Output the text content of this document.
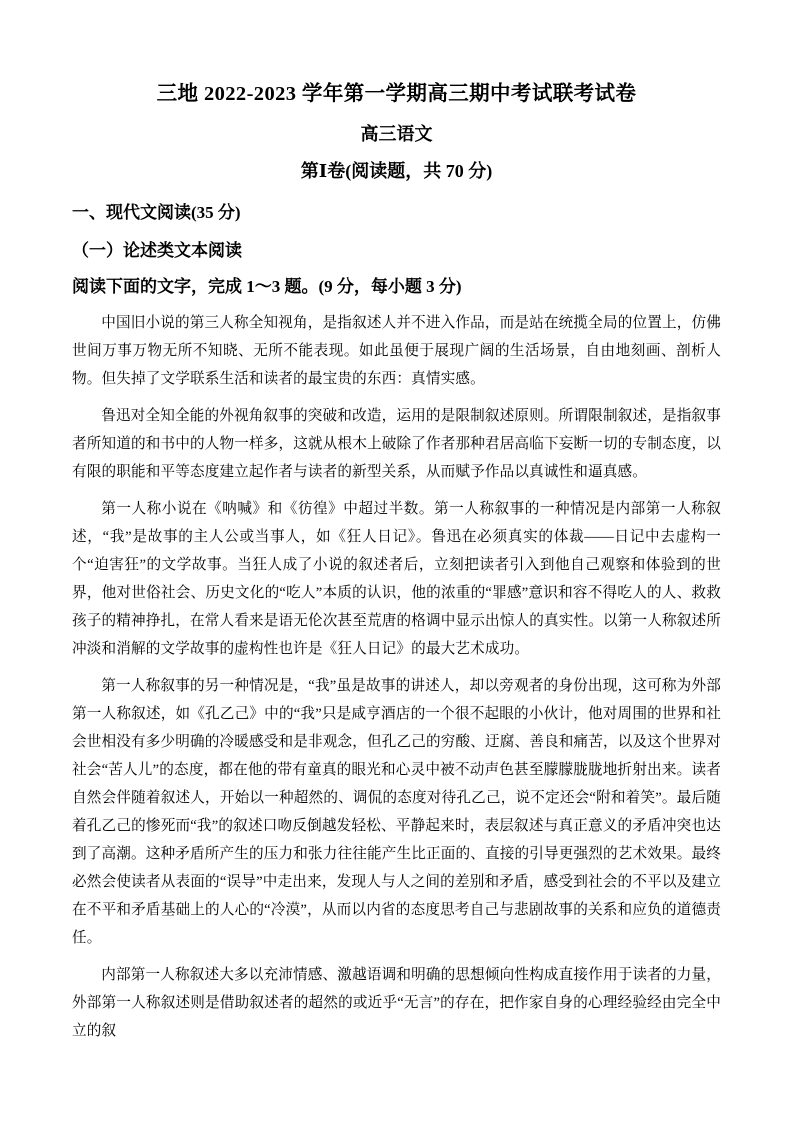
三地 2022-2023 学年第一学期高三期中考试联考试卷
高三语文
第Ⅰ卷(阅读题，共 70 分)
一、现代文阅读(35 分)
（一）论述类文本阅读
阅读下面的文字，完成 1～3 题。(9 分，每小题 3 分)

中国旧小说的第三人称全知视角，是指叙述人并不进入作品，而是站在统揽全局的位置上，仿佛世间万事万物无所不知晓、无所不能表现。如此虽便于展现广阔的生活场景，自由地刻画、剖析人物。但失掉了文学联系生活和读者的最宝贵的东西：真情实感。

鲁迅对全知全能的外视角叙事的突破和改造，运用的是限制叙述原则。所谓限制叙述，是指叙事者所知道的和书中的人物一样多，这就从根木上破除了作者那种君居高临下妄断一切的专制态度，以有限的职能和平等态度建立起作者与读者的新型关系，从而赋予作品以真诚性和逼真感。

第一人称小说在《呐喊》和《彷徨》中超过半数。第一人称叙事的一种情况是内部第一人称叙述，“我”是故事的主人公或当事人，如《狂人日记》。鲁迅在必须真实的体裁——日记中去虚构一个“迫害狂”的文学故事。当狂人成了小说的叙述者后，立刻把读者引入到他自己观察和体验到的世界，他对世俗社会、历史文化的“吃人”本质的认识，他的浓重的“罪感”意识和容不得吃人的人、救救孩子的精神挣扎，在常人看来是语无伦次甚至荒唐的格调中显示出惊人的真实性。以第一人称叙述所冲淡和消解的文学故事的虚构性也许是《狂人日记》的最大艺术成功。

第一人称叙事的另一种情况是，“我”虽是故事的讲述人，却以旁观者的身份出现，这可称为外部第一人称叙述，如《孔乙己》中的“我”只是咸亨酒店的一个很不起眼的小伙计，他对周围的世界和社会世相没有多少明确的冷暖感受和是非观念，但孔乙己的穷酸、迂腐、善良和痛苦，以及这个世界对社会“苦人儿”的态度，都在他的带有童真的眼光和心灵中被不动声色甚至朦朦胧胧地折射出来。读者自然会伴随着叙述人，开始以一种超然的、调侃的态度对待孔乙己，说不定还会“附和着笑”。最后随着孔乙己的惨死而“我”的叙述口吻反倒越发轻松、平静起来时，表层叙述与真正意义的矛盾冲突也达到了高潮。这种矛盾所产生的压力和张力往往能产生比正面的、直接的引导更强烈的艺术效果。最终必然会使读者从表面的“误导”中走出来，发现人与人之间的差别和矛盾，感受到社会的不平以及建立在不平和矛盾基础上的人心的“冷漠”，从而以内省的态度思考自己与悲剧故事的关系和应负的道德责任。

内部第一人称叙述大多以充沛情感、激越语调和明确的思想倾向性构成直接作用于读者的力量，外部第一人称叙述则是借助叙述者的超然的或近乎“无言”的存在，把作家自身的心理经验经由完全中立的叙
